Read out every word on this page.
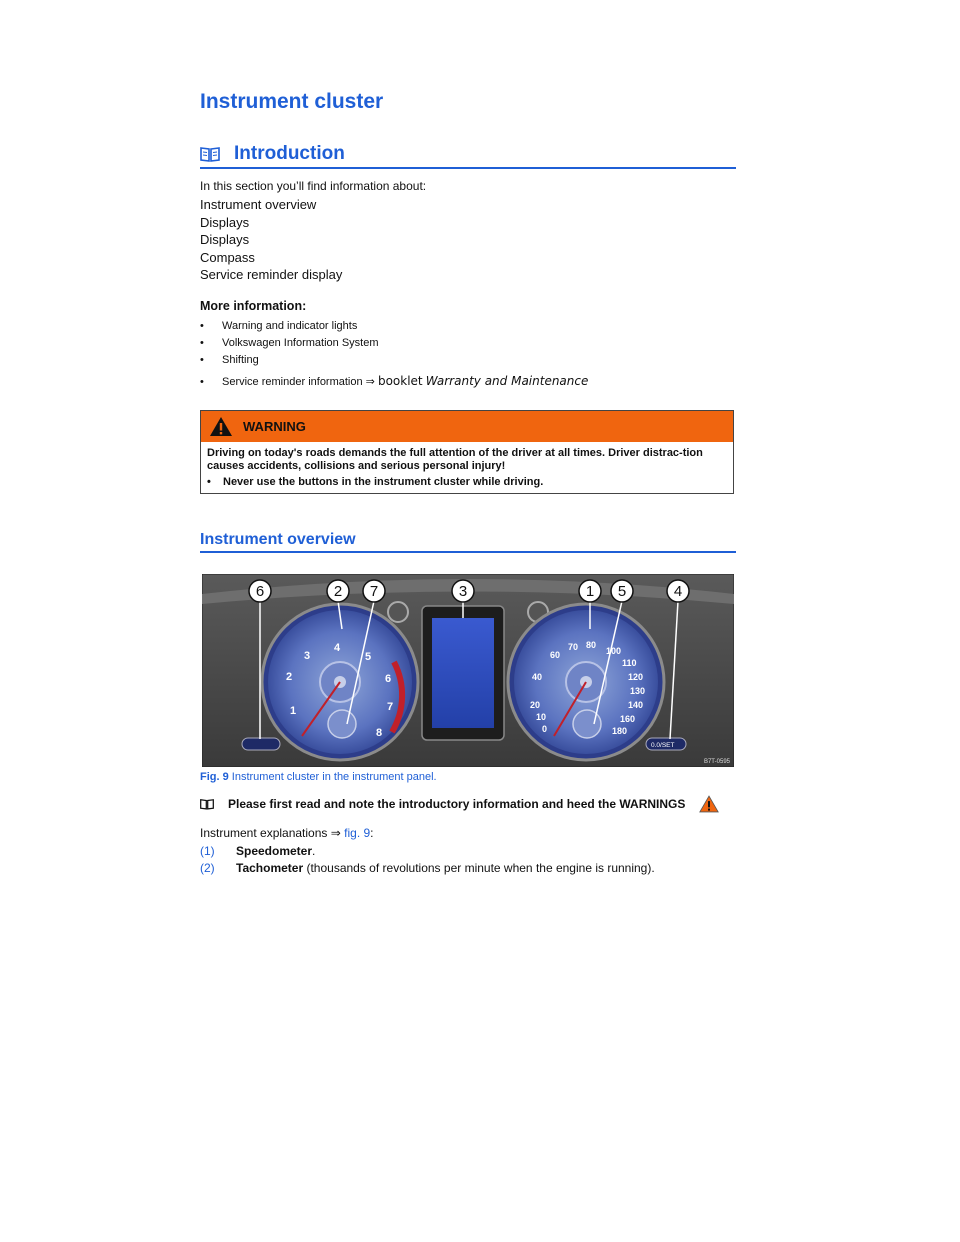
Instrument cluster
Introduction
In this section you’ll find information about:
Instrument overview
Displays
Displays
Compass
Service reminder display
More information:
•	Warning and indicator lights
•	Volkswagen Information System
•	Shifting
•	Service reminder information ⇒ booklet Warranty and Maintenance
WARNING
Driving on today's roads demands the full attention of the driver at all times. Driver distrac-tion causes accidents, collisions and serious personal injury!
•	Never use the buttons in the instrument cluster while driving.
Instrument overview
1
2
3
4
5
6
7
8	0
10
20
40
60
70 80
100
110
120
130
140
160
180
0.0/SET
6	2 7	3	1 5	4
B7T-0595
Fig. 9 Instrument cluster in the instrument panel.
Please first read and note the introductory information and heed the WARNINGS
Instrument explanations ⇒ fig. 9:
(1)	Speedometer.
(2)	Tachometer (thousands of revolutions per minute when the engine is running).
